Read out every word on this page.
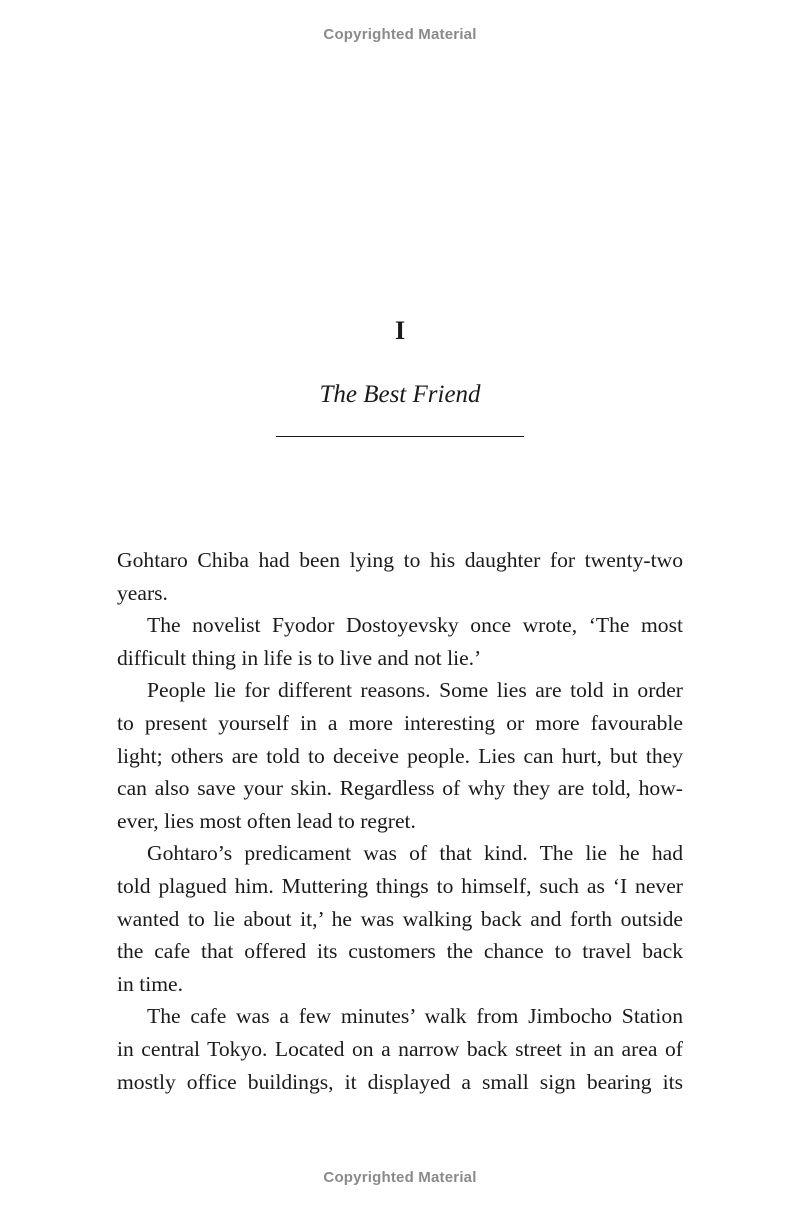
Copyrighted Material
I
The Best Friend
Gohtaro Chiba had been lying to his daughter for twenty-two
years.
The novelist Fyodor Dostoyevsky once wrote, ‘The most
difficult thing in life is to live and not lie.’
People lie for different reasons. Some lies are told in order
to present yourself in a more interesting or more favourable
light; others are told to deceive people. Lies can hurt, but they
can also save your skin. Regardless of why they are told, how-
ever, lies most often lead to regret.
Gohtaro’s predicament was of that kind. The lie he had
told plagued him. Muttering things to himself, such as ‘I never
wanted to lie about it,’ he was walking back and forth outside
the cafe that offered its customers the chance to travel back
in time.
The cafe was a few minutes’ walk from Jimbocho Station
in central Tokyo. Located on a narrow back street in an area of
mostly office buildings, it displayed a small sign bearing its
Copyrighted Material
